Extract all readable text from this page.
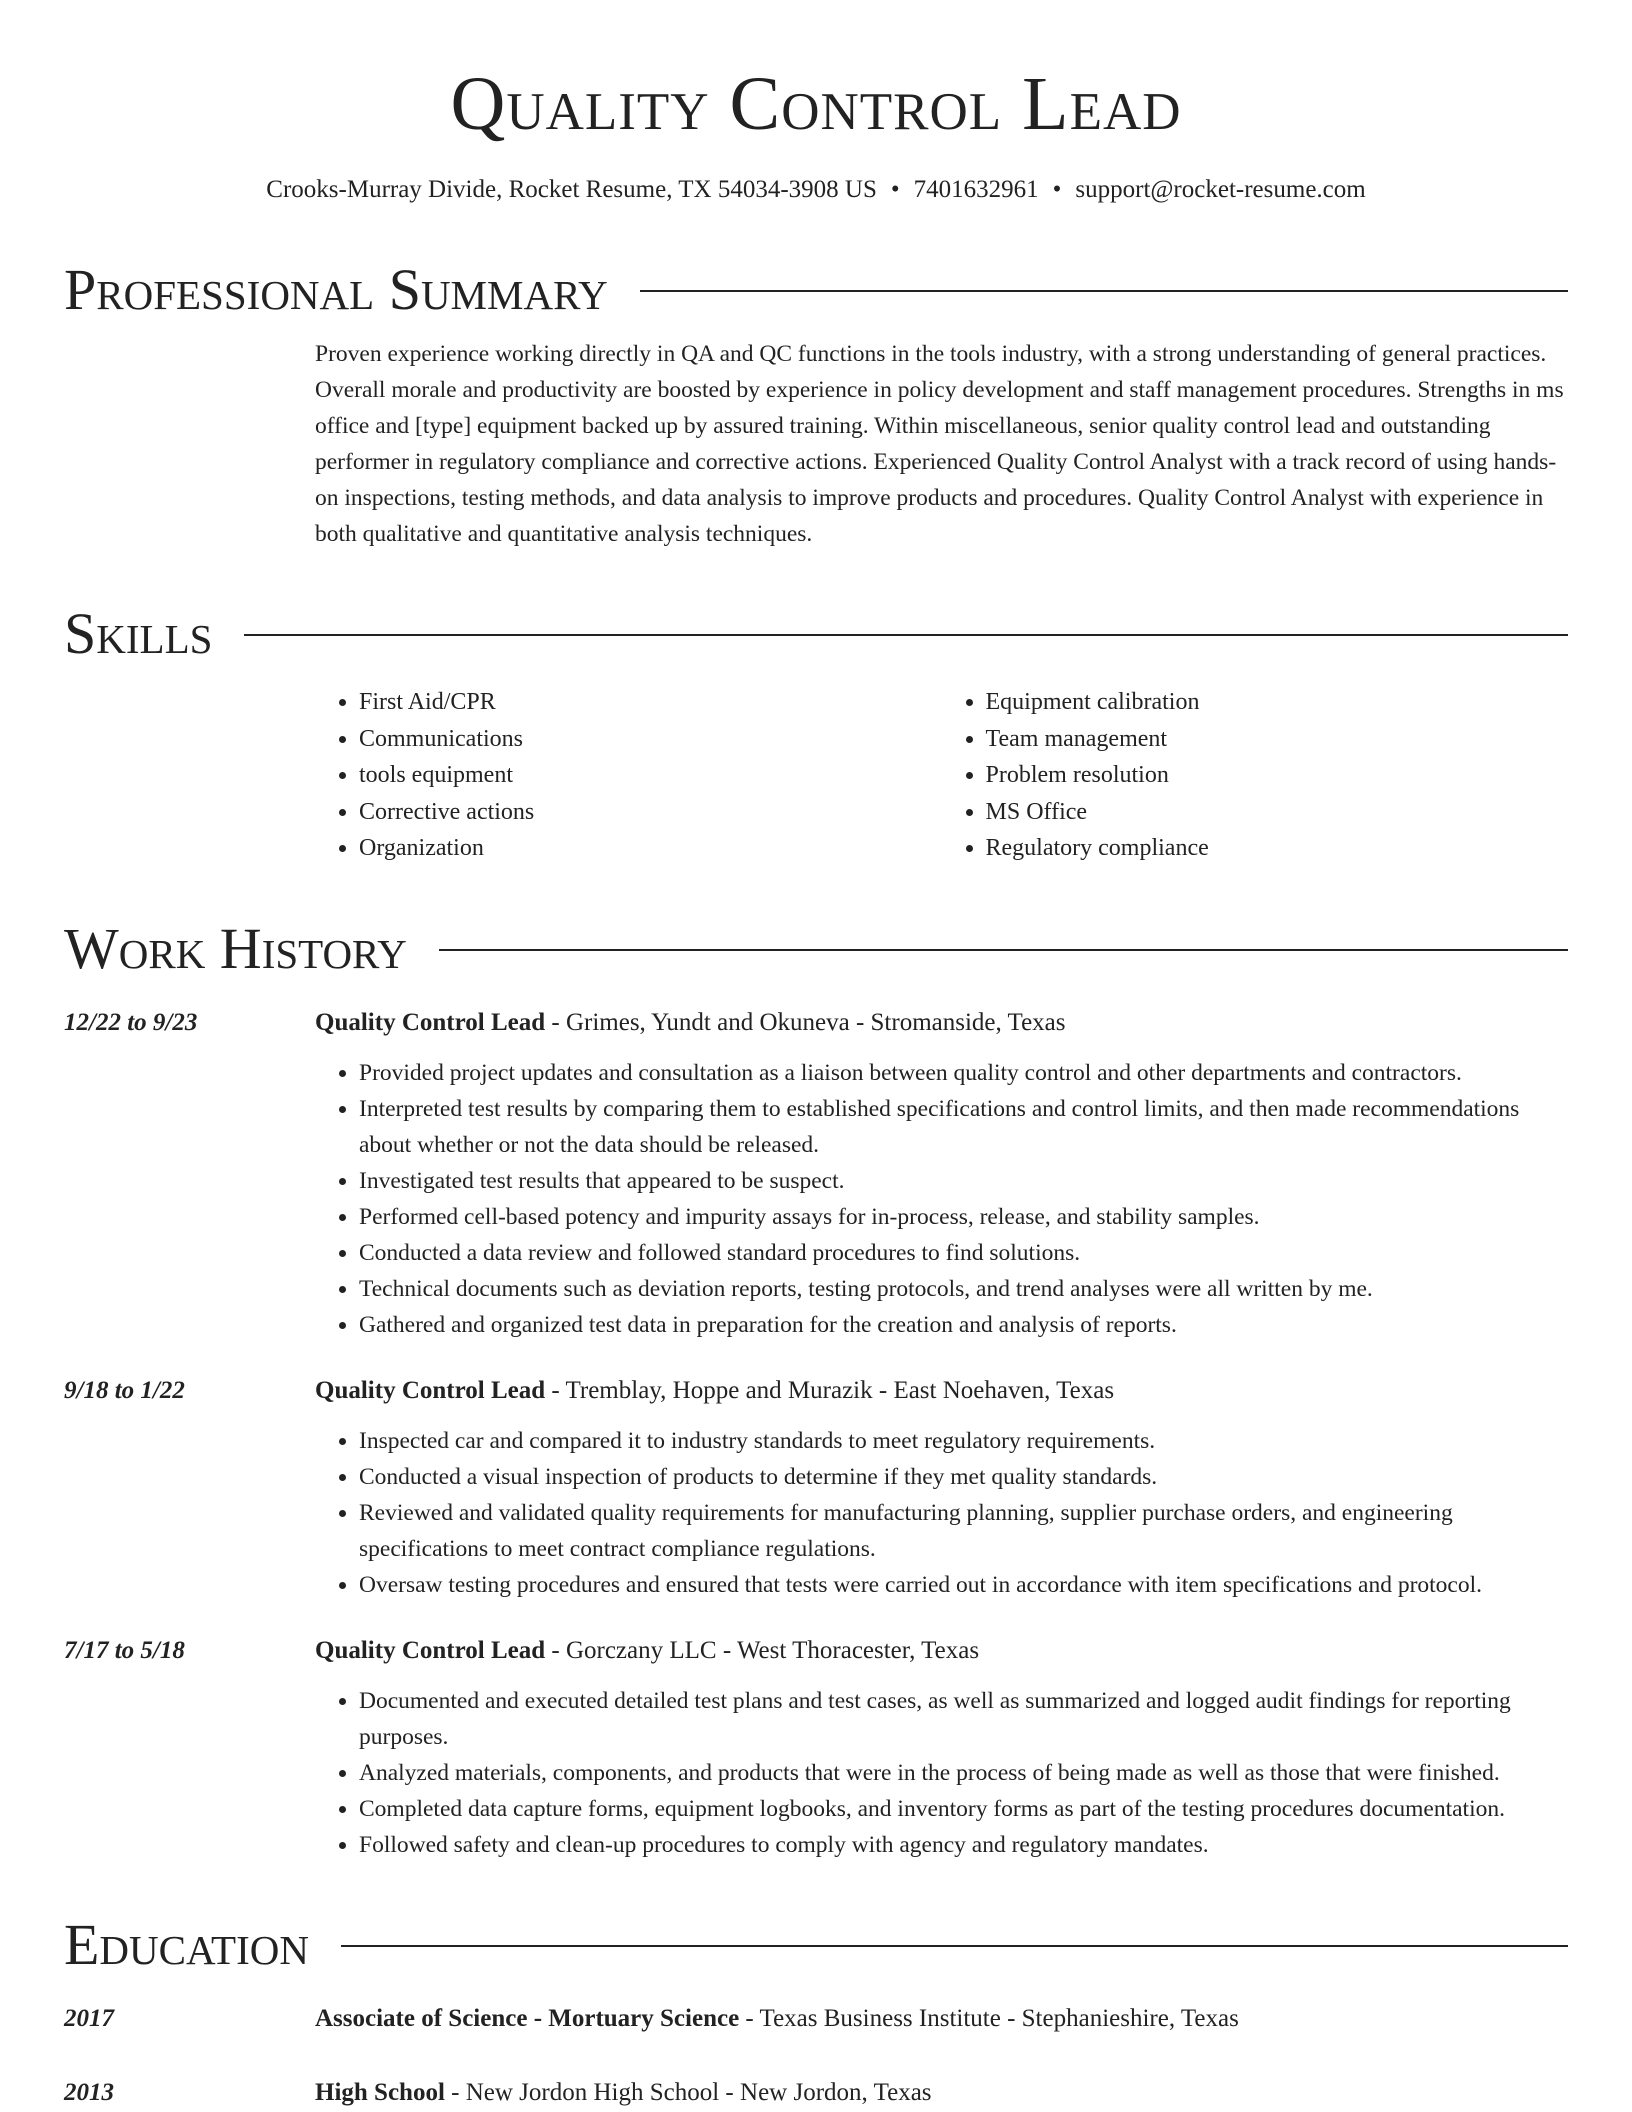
Quality Control Lead
Crooks-Murray Divide, Rocket Resume, TX 54034-3908 US • 7401632961 • support@rocket-resume.com
Professional Summary
Proven experience working directly in QA and QC functions in the tools industry, with a strong understanding of general practices. Overall morale and productivity are boosted by experience in policy development and staff management procedures. Strengths in ms office and [type] equipment backed up by assured training. Within miscellaneous, senior quality control lead and outstanding performer in regulatory compliance and corrective actions. Experienced Quality Control Analyst with a track record of using hands-on inspections, testing methods, and data analysis to improve products and procedures. Quality Control Analyst with experience in both qualitative and quantitative analysis techniques.
Skills
• First Aid/CPR
• Communications
• tools equipment
• Corrective actions
• Organization
• Equipment calibration
• Team management
• Problem resolution
• MS Office
• Regulatory compliance
Work History
12/22 to 9/23	Quality Control Lead - Grimes, Yundt and Okuneva - Stromanside, Texas
• Provided project updates and consultation as a liaison between quality control and other departments and contractors.
• Interpreted test results by comparing them to established specifications and control limits, and then made recommendations about whether or not the data should be released.
• Investigated test results that appeared to be suspect.
• Performed cell-based potency and impurity assays for in-process, release, and stability samples.
• Conducted a data review and followed standard procedures to find solutions.
• Technical documents such as deviation reports, testing protocols, and trend analyses were all written by me.
• Gathered and organized test data in preparation for the creation and analysis of reports.
9/18 to 1/22	Quality Control Lead - Tremblay, Hoppe and Murazik - East Noehaven, Texas
• Inspected car and compared it to industry standards to meet regulatory requirements.
• Conducted a visual inspection of products to determine if they met quality standards.
• Reviewed and validated quality requirements for manufacturing planning, supplier purchase orders, and engineering specifications to meet contract compliance regulations.
• Oversaw testing procedures and ensured that tests were carried out in accordance with item specifications and protocol.
7/17 to 5/18	Quality Control Lead - Gorczany LLC - West Thoracester, Texas
• Documented and executed detailed test plans and test cases, as well as summarized and logged audit findings for reporting purposes.
• Analyzed materials, components, and products that were in the process of being made as well as those that were finished.
• Completed data capture forms, equipment logbooks, and inventory forms as part of the testing procedures documentation.
• Followed safety and clean-up procedures to comply with agency and regulatory mandates.
Education
2017	Associate of Science - Mortuary Science - Texas Business Institute - Stephanieshire, Texas
2013	High School - New Jordon High School - New Jordon, Texas
